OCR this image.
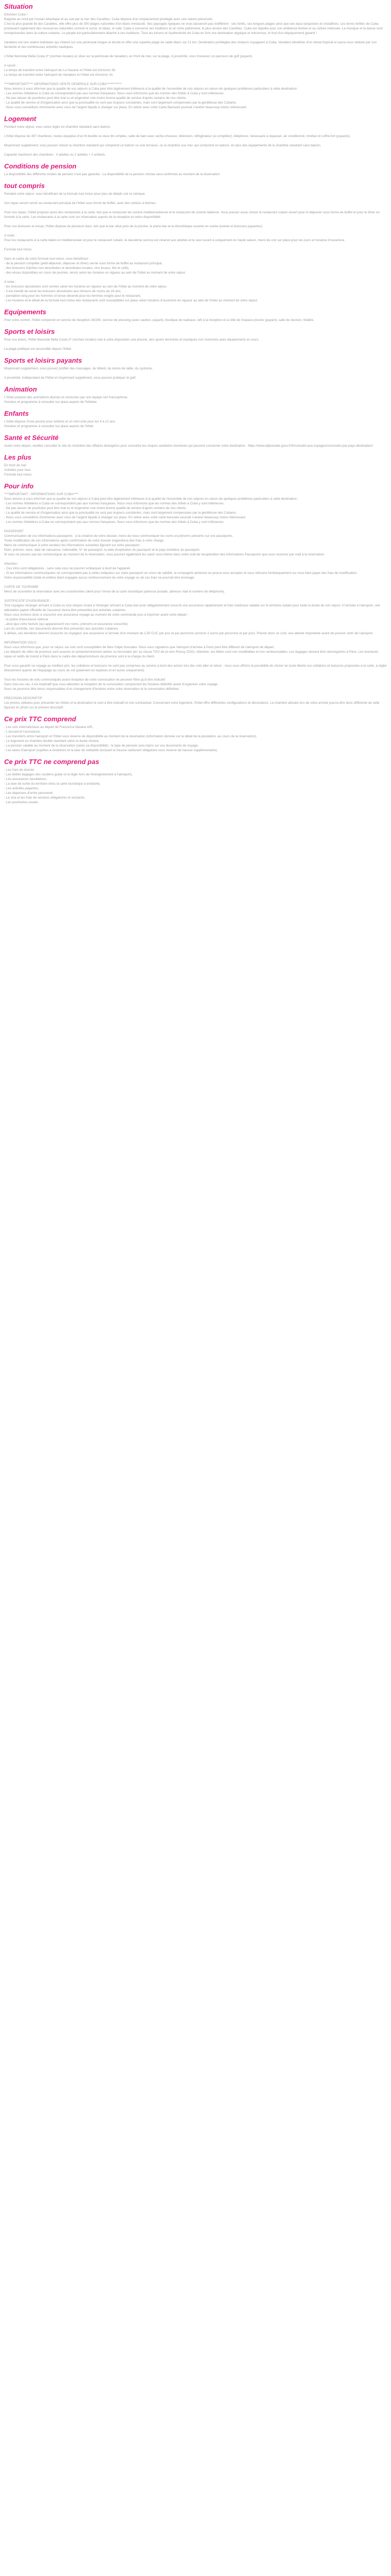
Situation

Direction Cuba !
Baignée au nord par l'océan Atlantique et au sud par la mer des Caraïbes, Cuba dispose d'un emplacement privilégié avec une nature préservée.
C'est la plus grande île des Caraïbes, elle offre plus de 300 plages naturelles d'un blanc immaculé. Ses paysages typiques ne vous laisseront pas indifférent : ses forêts, ses longues plages ainsi que ses eaux turquoises et cristallines. Les terres fertiles de Cuba produisent également des ressources naturelles comme le sucre, le tabac, le café. Cuba a conservé ses traditions et un riche patrimoine, le plus ancien des Caraïbes. Cuba est réputée pour son ambiance festive et sa culture métissée. La musique et la danse sont omniprésentes dans la culture cubaine. Le peuple est particulièrement attaché à ses traditions. Tous les trésors et l'authenticité de Cuba en font une destination atypique et méconnue, le fruit d'un dépaysement garanti !

Varadero est une station balnéaire qui s'étend sur une péninsule longue et étroite et offre une superbe plage de sable blanc sur 21 km. Destination privilégiée des visiteurs voyageant à Cuba, Varadero bénéficie d'un climat tropical et saura vous séduire par son farniente et ses nombreuses activités nautiques.

L'hôtel Iberostar Bella Costa 3* (normes locales) et situé sur la péninsule de Varadero, en front de mer, sur la plage. A proximité, vous trouverez un parcours de golf (payant).

A savoir :
Le temps de transfert entre l'aéroport de La Havane et l'hôtel est d'environ 3h.
Le temps de transfert entre l'aéroport de Varadero et l'hôtel est d'environ 1h.

****IMPORTANT**** INFORMATIONS VENTE GENERALE SUR CUBA************
Nous tenons à vous informer que la qualité de vos séjours à Cuba peut être légèrement inférieure à la qualité de l'ensemble de nos séjours en raison de quelques problèmes particuliers à cette destination :
- Les normes hôtelières à Cuba ne correspondent pas aux normes françaises. Nous vous informons que les normes des hôtels à Cuba y sont inférieures.
- Ne pas laisser de pourboire peut être mal vu et engendrer une moins bonne qualité de service d'après certains de nos clients.
- La qualité de service et d'organisation ainsi que la ponctualité ne sont pas toujours constantes, mais sont largement compensées par la gentillesse des Cubains.
- Nous vous conseillons d'emmener avec vous de l'argent liquide à changer sur place. En retirer avec votre Carte Bancaire pourrait s'avérer beaucoup moins intéressant.

Logement

Pendant votre séjour, vous serez logés en chambre standard sans balcon.

L'hôtel dispose de 397 chambres, toutes équipées d'un lit double ou deux lits simples, salle de bain avec sèche-cheveux, télévision, réfrigérateur (à compléter), téléphone, nécessaire à repasser, air conditionné, minibar et coffre-fort (payants).

Moyennant supplément, vous pouvez choisir la chambre standard qui comprend un balcon ou une terrasse, ou la chambre vue mer, qui comprend un balcon, en plus des équipements de la chambre standard sans balcon.

Capacité maximum des chambres : 3 adultes ou 2 adultes + 2 enfants.

Conditions de pension

La disponibilité des différents modes de pension n'est pas garantie : La disponibilité de la pension choisie sera confirmée au moment de la réservation

tout compris

Pendant votre séjour, vous bénéficiez de la formule tout inclus pour plus de détails voir la rubrique.

Vos repas seront servis au restaurant principal de l'hôtel sous forme de buffet, avec des soirées à thèmes.

Pour vos repas, l'hôtel propose aussi des restaurants à la carte, tels que le restaurant de cuisine méditerranéenne et le restaurant de cuisine italienne. Vous pouvez aussi choisir le restaurant cubain ouvert pour le déjeuner sous forme de buffet et pour le dîner en formule à la carte. Les restaurants à la carte sont sur réservation auprès de la réception et selon disponibilité.

Pour vos boissons et encas, l'hôtel dispose de plusieurs bars, tels que le bar situé près de la piscine, le piano-bar et la discothèque ouverte en soirée (entrée et boissons payantes).

A noter :
Pour les restaurants à la carte italien et méditerranéen et pour le restaurant cubain, le deuxième service est réservé aux adultes et le seul ouvert à uniquement en haute saison, merci de voir sur place pour les jours et horaires d'ouverture.

Formule tout inclus

Dans le cadre de votre formule tout inclus, vous bénéficiez :
- de la pension complète (petit-déjeuner, déjeuner et dîner) servie sous forme de buffet au restaurant principal,
- des boissons fraîches non alcoolisées et alcoolisées locales, vins locaux, thé et café),
- des encas disponibles en cours de journée, servis selon les horaires en vigueur au sein de l'hôtel au moment de votre séjour.

A noter :
- les boissons alcoolisées sont servies selon les horaires en vigueur au sein de l'hôtel au moment de votre séjour,
- il est interdit de servir les boissons alcoolisées aux mineurs de moins de 18 ans,
- pendation long pour les hommes et tenue décente pour les femmes exigée pour le restaurant,
- Les horaires et le détail de la formule tout inclus des restaurants sont susceptibles sur place selon horaires d'ouverture en vigueur au sein de l'hôtel au moment de votre séjour.

Equipements

Pour votre confort, l'hôtel comprend un service de réception 24/24h, service de pressing (avec caution, payant), boutique de cadeaux, wifi à la réception et à côté de l'espace piscine (payant), salle de réunion, théâtre.

Sports et loisirs

Pour vos loisirs, l'hôtel Iberostar Bella Costa 3* (normes locales) met à votre disposition une piscine, des sports terrestres et nautiques non motorisés avec équipements et cours.

La plage publique est accessible depuis l'hôtel.

Sports et loisirs payants

Moyennant supplément, vous pouvez profiter des massages, du billard, du tennis de table, du cyclisme.

A proximité, indépendant de l'hôtel et moyennant supplément, vous pouvez pratiquer le golf.

Animation

L'hôtel propose des animations diurnes et nocturnes par une équipe non francophone.
Horaires et programme à consulter sur place auprès de l'hôtelier.

Enfants

L'hôtel dispose d'une piscine pour enfants et un mini-club pour les 4 à 12 ans.
Horaires et programme à consulter sur place auprès de l'hôtel.

Santé et Sécurité

Avant votre départ, veuillez consulter le site du ministère des Affaires étrangères pour connaître les risques sanitaires éventuels qui peuvent concerner votre destination : https://www.diplomatie.gouv.fr/fr/conseils-aux-voyageurs/conseils-par-pays-destination/

Les plus

En front de mer
Activités pour tous
Formule tout inclus

Pour info

****IMPORTANT - INFORMATIONS SUR CUBA****
Nous tenons à vous informer que la qualité de vos séjours à Cuba peut être légèrement inférieure à la qualité de l'ensemble de nos séjours en raison de quelques problèmes particuliers à cette destination :
- Les normes hôtelières à Cuba ne correspondent pas aux normes françaises. Nous vous informons que les normes des hôtels à Cuba y sont inférieures.
- Ne pas laisser de pourboire peut être mal vu et engendrer une moins bonne qualité de service d'après certains de nos clients.
- La qualité de service et d'organisation ainsi que la ponctualité ne sont pas toujours constantes, mais sont largement compensées par la gentillesse des Cubains.
- Nous vous conseillons d'emmener avec vous de l'argent liquide à changer sur place. En retirer avec votre carte bancaire pourrait s'avérer beaucoup moins intéressant.
- Les normes hôtelières à Cuba ne correspondent pas aux normes françaises. Nous vous informons que les normes des hôtels à Cuba y sont inférieures.

PASSEPORT
Communication de vos informations passeports : à la création de votre dossier, merci de nous communiquer les noms et prénoms présents sur vos passeports.
Toute modification de ces informations après confirmation de votre dossier engendrera des frais à votre charge.
Merci de communiquer à votre vendeur les informations suivantes figurant sur votre passeport :
Nom, prénom, sexe, date de naissance, nationalité, N° de passeport, la date d'expiration du passeport et le pays émetteur du passeport.
Si vous ne pouvez pas les communiquer au moment de la réservation, vous pourrez également les saisir vous-même dans notre outil de récupération des informations Passeports que vous recevrez par mail à la réservation.

Attention :
- Ces infos sont obligatoires , sans cela vous ne pourrez embarquer à bord de l'appareil.
- Si les informations communiquées ne correspondent pas à celles indiquées sur votre passeport en cours de validité, la compagnie aérienne ne pourra vous accepter et vous refusera l'embarquement sur vous faire payer des frais de modification.
Votre responsabilité totale et entière étant engagée aucun remboursement de votre voyage ou de ces frais ne pourrait être envisagé.

CARTE DE TOURISME
Merci de soumettre la réservation avec les coordonnées client pour l'envoi de la carte touristique (adresse postale, adresse mail et numéro de téléphone).

JUSTIFICATIF D'ASSURANCE :
Tout voyageur étranger arrivant à Cuba ou tout citoyen vivant à l'étranger arrivant à Cuba doit avoir obligatoirement souscrit une assurance rapatriement et frais médicaux valable sur le territoire cubain pour toute la durée de son séjour. A l'arrivée à l'aéroport, une attestation papier officielle de l'assureur devra être présentée aux autorités cubaines.
Nous vous invitons donc à souscrire une assurance voyage au moment de votre commande puis à imprimer avant votre départ :
- la police d'assurance retenue
- ainsi que votre facture (qui apparaissent vos noms, prénoms et assurance souscrite).
Lors du contrôle, ces documents devront être présentés aux autorités cubaines.
A défaut, ces dernières devront souscrire un voyageur une assurance à l'arrivée d'un montant de 2,50 CUC par jour et par personne (environ 2 euros par personne et par jour). Prévoir donc ce coût, une attente importante avant de pouvoir sortir de l'aéroport.

INFORMATION VOLS :
Nous vous informons que, pour ce séjour, les vols sont susceptibles de faire l'objet d'escales. Nous vous signalons que l'aéroport d'arrivée à Paris peut être différent de l'aéroport de départ.
Les départs de villes de province sont assurés en préacheminement aérien ou ferroviaire (en 1e classe TGV de et vers Roissy CDG). Attention, les billets sont non modifiables et non remboursables. Les bagages doivent être réenregistrés à Paris. Les éventuels repas et redits de transit à Paris dans le cadre des départs/retours de province sont à la charge du client.

Pour vous garantir un voyage au meilleur prix, les collations et boissons ne sont pas comprises au service à bord des avions lors des vols aller et retour ; nous vous offrons la possibilité de choisir en toute liberté vos collations et boissons proposées à la carte, à régler directement auprès de l'équipage au cours du vol (paiement en espèces et en euros uniquement).

Tous les horaires de vols communiqués avant réception de votre convocation ne peuvent l'être qu'à titre indicatif.
Dans tous les cas, il est impératif que vous attendiez la réception de la convocation comprenant les horaires définitifs avant d'organiser votre voyage.
Nous ne pourrons être tenus responsables d'un changement d'horaires entre votre réservation et la convocation définitive.

PRECISION DESCRIPTIF
Les photos utilisées pour présenter les hôtels et la destination le sont à titre indicatif et non-contractuel. Concernant votre logement, l'hôtel offre différentes configurations et décorations. La chambre allouée lors de votre arrivée pourra être donc différente de celle figurant en photo sur le présent descriptif.

Ce prix TTC comprend

- Les vols internationaux au départ de France/La Havane A/R,
- L'accueil et l'assistance,
- Les transferts entre l'aéroport et l'hôtel sous réserve de disponibilité au moment de la réservation (information donnée sur le détail de la prestation, au cours de la réservation),
- Le logement en chambre double standard selon la durée choisie,
- La pension valable au moment de la réservation (selon sa disponibilité) : le type de pension sera repris sur vos documents de voyage,
- Les taxes d'aéroport (sujettes à évolution) et la taxe de solidarité (incluant la hausse carburant obligatoire sous réserve de hausse supplémentaire).

Ce prix TTC ne comprend pas

- Les frais de dossier
- Les bébés bagages des soutiens guitar et la règle hors de l'enregistrement à l'aéroport),
- Les assurances facultatives,
- La taxe de sortie du territoire et/ou la carte touristique à existante,
- Les activités payantes,
- Les dépenses d'ordre personnel,
- Le visa et les frais de services obligatoires et existants,
- Les pourboires usuels.
